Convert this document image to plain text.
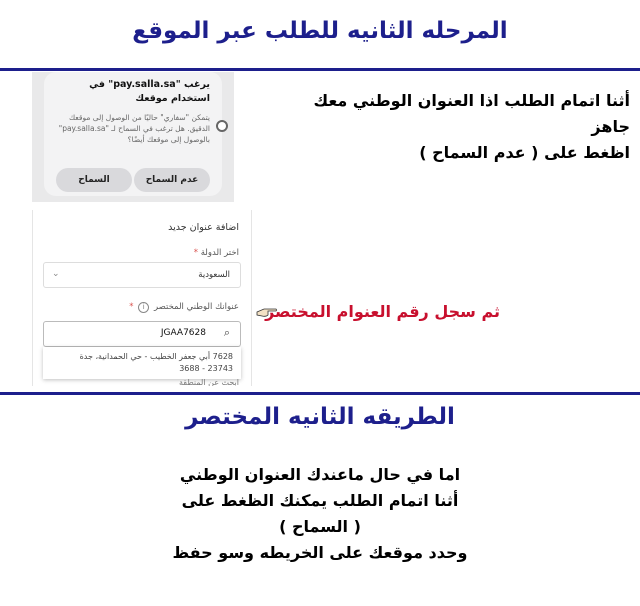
المرحله الثانيه للطلب عبر الموقع
يرغب "pay.salla.sa" في استخدام موقعك
يتمكن "سفاري" حاليًا من الوصول إلى موقعك الدقيق. هل ترغب في السماح لـ "pay.salla.sa" بالوصول إلى موقعك أيضًا؟
عدم السماح
السماح
أثنا اتمام الطلب اذا العنوان الوطني معك جاهز
اظغط على ( عدم السماح )
اضافة عنوان جديد
اختر الدولة *
السعودية
⌄
عنوانك الوطني المختصر i *
⌕
JGAA7628
7628 أبي جعفر الخطيب - حي الحمدانية، جدة 23743 - 3688
ابحث عن المنطقة
ثم سجل رقم العنوام المختصر
الطريقه الثانيه المختصر
اما في حال ماعندك العنوان الوطني
أثنا اتمام الطلب يمكنك الظغط على
( السماح )
وحدد موقعك على الخريطه وسو حفظ
